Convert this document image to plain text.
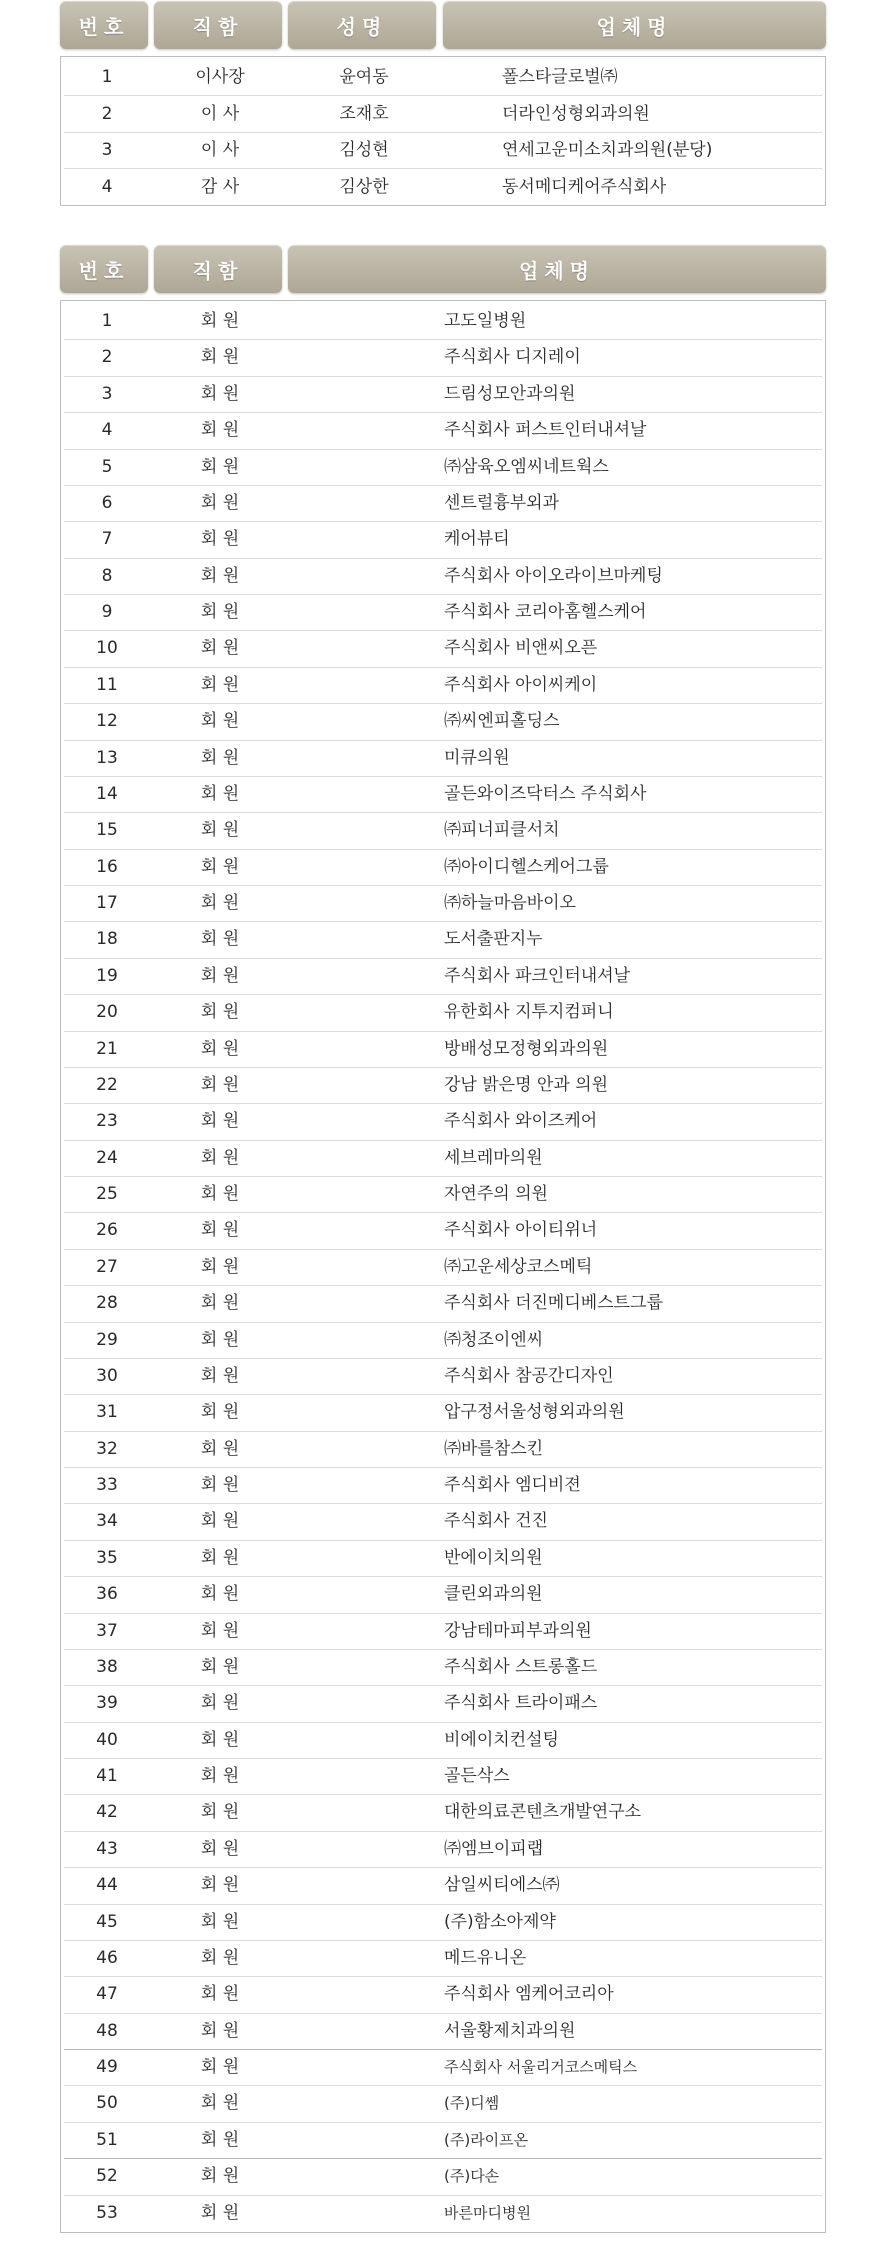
번호	직함	성명	업체명
1	이사장	윤여동	폴스타글로벌㈜
2	이 사	조재호	더라인성형외과의원
3	이 사	김성현	연세고운미소치과의원(분당)
4	감 사	김상한	동서메디케어주식회사
번호	직함	업체명
1	회 원	고도일병원
2	회 원	주식회사 디지레이
3	회 원	드림성모안과의원
4	회 원	주식회사 퍼스트인터내셔날
5	회 원	㈜삼육오엠씨네트웍스
6	회 원	센트럴흉부외과
7	회 원	케어뷰티
8	회 원	주식회사 아이오라이브마케팅
9	회 원	주식회사 코리아홈헬스케어
10	회 원	주식회사 비앤씨오픈
11	회 원	주식회사 아이씨케이
12	회 원	㈜씨엔피홀딩스
13	회 원	미큐의원
14	회 원	골든와이즈닥터스 주식회사
15	회 원	㈜피너피클서치
16	회 원	㈜아이디헬스케어그룹
17	회 원	㈜하늘마음바이오
18	회 원	도서출판지누
19	회 원	주식회사 파크인터내셔날
20	회 원	유한회사 지투지컴퍼니
21	회 원	방배성모정형외과의원
22	회 원	강남 밝은명 안과 의원
23	회 원	주식회사 와이즈케어
24	회 원	세브레마의원
25	회 원	자연주의 의원
26	회 원	주식회사 아이티위너
27	회 원	㈜고운세상코스메틱
28	회 원	주식회사 더진메디베스트그룹
29	회 원	㈜청조이엔씨
30	회 원	주식회사 참공간디자인
31	회 원	압구정서울성형외과의원
32	회 원	㈜바를참스킨
33	회 원	주식회사 엠디비젼
34	회 원	주식회사 건진
35	회 원	반에이치의원
36	회 원	클린외과의원
37	회 원	강남테마피부과의원
38	회 원	주식회사 스트롱홀드
39	회 원	주식회사 트라이패스
40	회 원	비에이치컨설팅
41	회 원	골든삭스
42	회 원	대한의료콘텐츠개발연구소
43	회 원	㈜엠브이피랩
44	회 원	삼일씨티에스㈜
45	회 원	(주)함소아제약
46	회 원	메드유니온
47	회 원	주식회사 엠케어코리아
48	회 원	서울황제치과의원
49	회 원	주식회사 서울리거코스메틱스
50	회 원	(주)디쎔
51	회 원	(주)라이프온
52	회 원	(주)다손
53	회 원	바른마디병원
